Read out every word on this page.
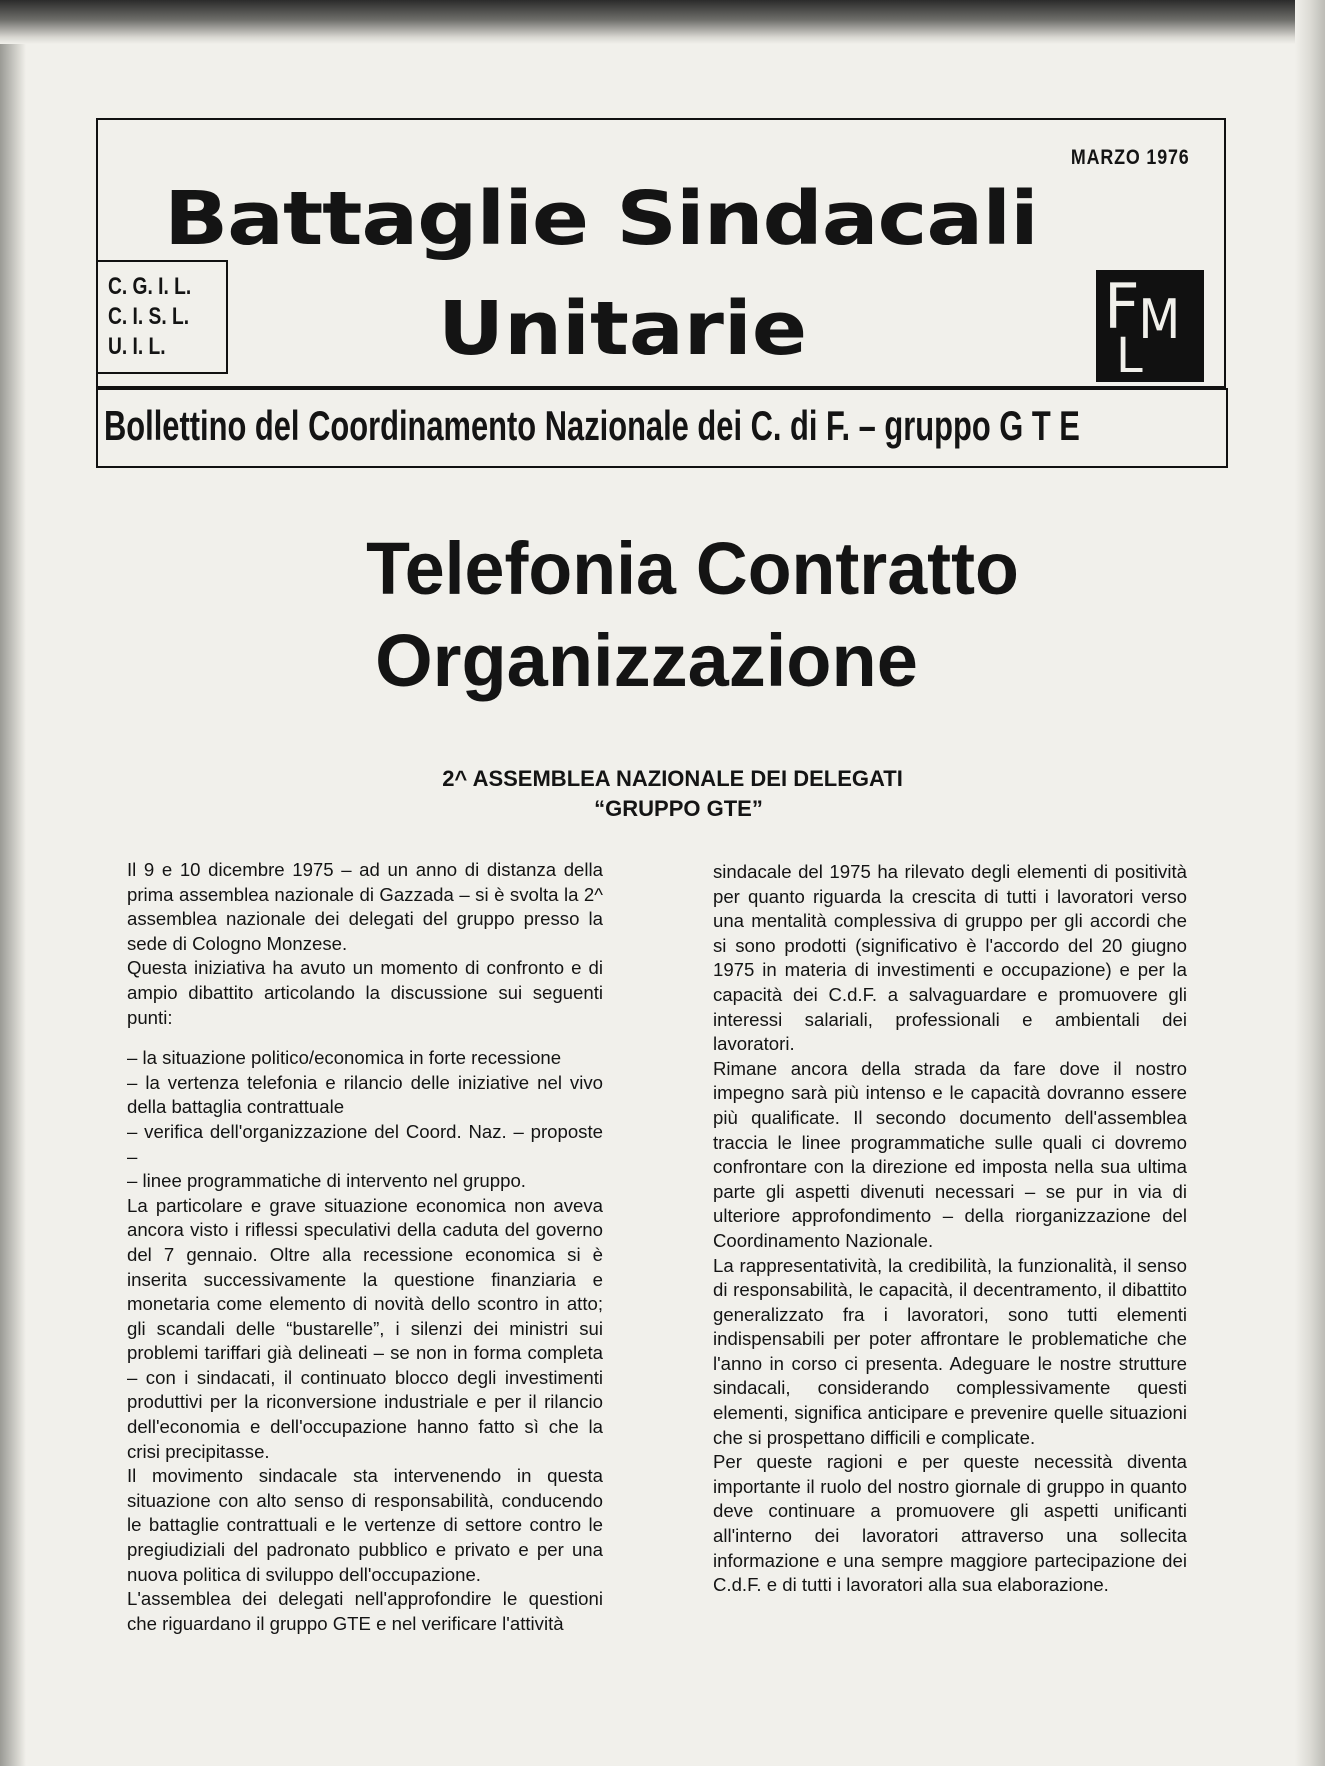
MARZO 1976
Battaglie Sindacali
Unitarie
C. G. I. L.
C. I. S. L.
U. I. L.
F
M
L
Bollettino del Coordinamento Nazionale dei C. di F. – gruppo G T E
Telefonia Contratto
Organizzazione
2^ ASSEMBLEA NAZIONALE DEI DELEGATI
“GRUPPO GTE”

Il 9 e 10 dicembre 1975 – ad un anno di distanza della prima assemblea nazionale di Gazzada – si è svolta la 2^ assemblea nazionale dei delegati del gruppo presso la sede di Cologno Monzese.

Questa iniziativa ha avuto un momento di confronto e di ampio dibattito articolando la discussione sui seguenti punti:

– la situazione politico/economica in forte recessione

– la vertenza telefonia e rilancio delle iniziative nel vivo della battaglia contrattuale

– verifica dell'organizzazione del Coord. Naz. – proposte –

– linee programmatiche di intervento nel gruppo.

La particolare e grave situazione economica non aveva ancora visto i riflessi speculativi della caduta del governo del 7 gennaio. Oltre alla recessione economica si è inserita successivamente la questione finanziaria e monetaria come elemento di novità dello scontro in atto; gli scandali delle “bustarelle”, i silenzi dei ministri sui problemi tariffari già delineati – se non in forma completa – con i sindacati, il continuato blocco degli investimenti produttivi per la riconversione industriale e per il rilancio dell'economia e dell'occupazione hanno fatto sì che la crisi precipitasse.

Il movimento sindacale sta intervenendo in questa situazione con alto senso di responsabilità, conducendo le battaglie contrattuali e le vertenze di settore contro le pregiudiziali del padronato pubblico e privato e per una nuova politica di sviluppo dell'occupazione.

L'assemblea dei delegati nell'approfondire le questioni che riguardano il gruppo GTE e nel verificare l'attività

sindacale del 1975 ha rilevato degli elementi di positività per quanto riguarda la crescita di tutti i lavoratori verso una mentalità complessiva di gruppo per gli accordi che si sono prodotti (significativo è l'accordo del 20 giugno 1975 in materia di investimenti e occupazione) e per la capacità dei C.d.F. a salvaguardare e promuovere gli interessi salariali, professionali e ambientali dei lavoratori.

Rimane ancora della strada da fare dove il nostro impegno sarà più intenso e le capacità dovranno essere più qualificate. Il secondo documento dell'assemblea traccia le linee programmatiche sulle quali ci dovremo confrontare con la direzione ed imposta nella sua ultima parte gli aspetti divenuti necessari – se pur in via di ulteriore approfondimento – della riorganizzazione del Coordinamento Nazionale.

La rappresentatività, la credibilità, la funzionalità, il senso di responsabilità, le capacità, il decentramento, il dibattito generalizzato fra i lavoratori, sono tutti elementi indispensabili per poter affrontare le problematiche che l'anno in corso ci presenta. Adeguare le nostre strutture sindacali, considerando complessivamente questi elementi, significa anticipare e prevenire quelle situazioni che si prospettano difficili e complicate.

Per queste ragioni e per queste necessità diventa importante il ruolo del nostro giornale di gruppo in quanto deve continuare a promuovere gli aspetti unificanti all'interno dei lavoratori attraverso una sollecita informazione e una sempre maggiore partecipazione dei C.d.F. e di tutti i lavoratori alla sua elaborazione.
